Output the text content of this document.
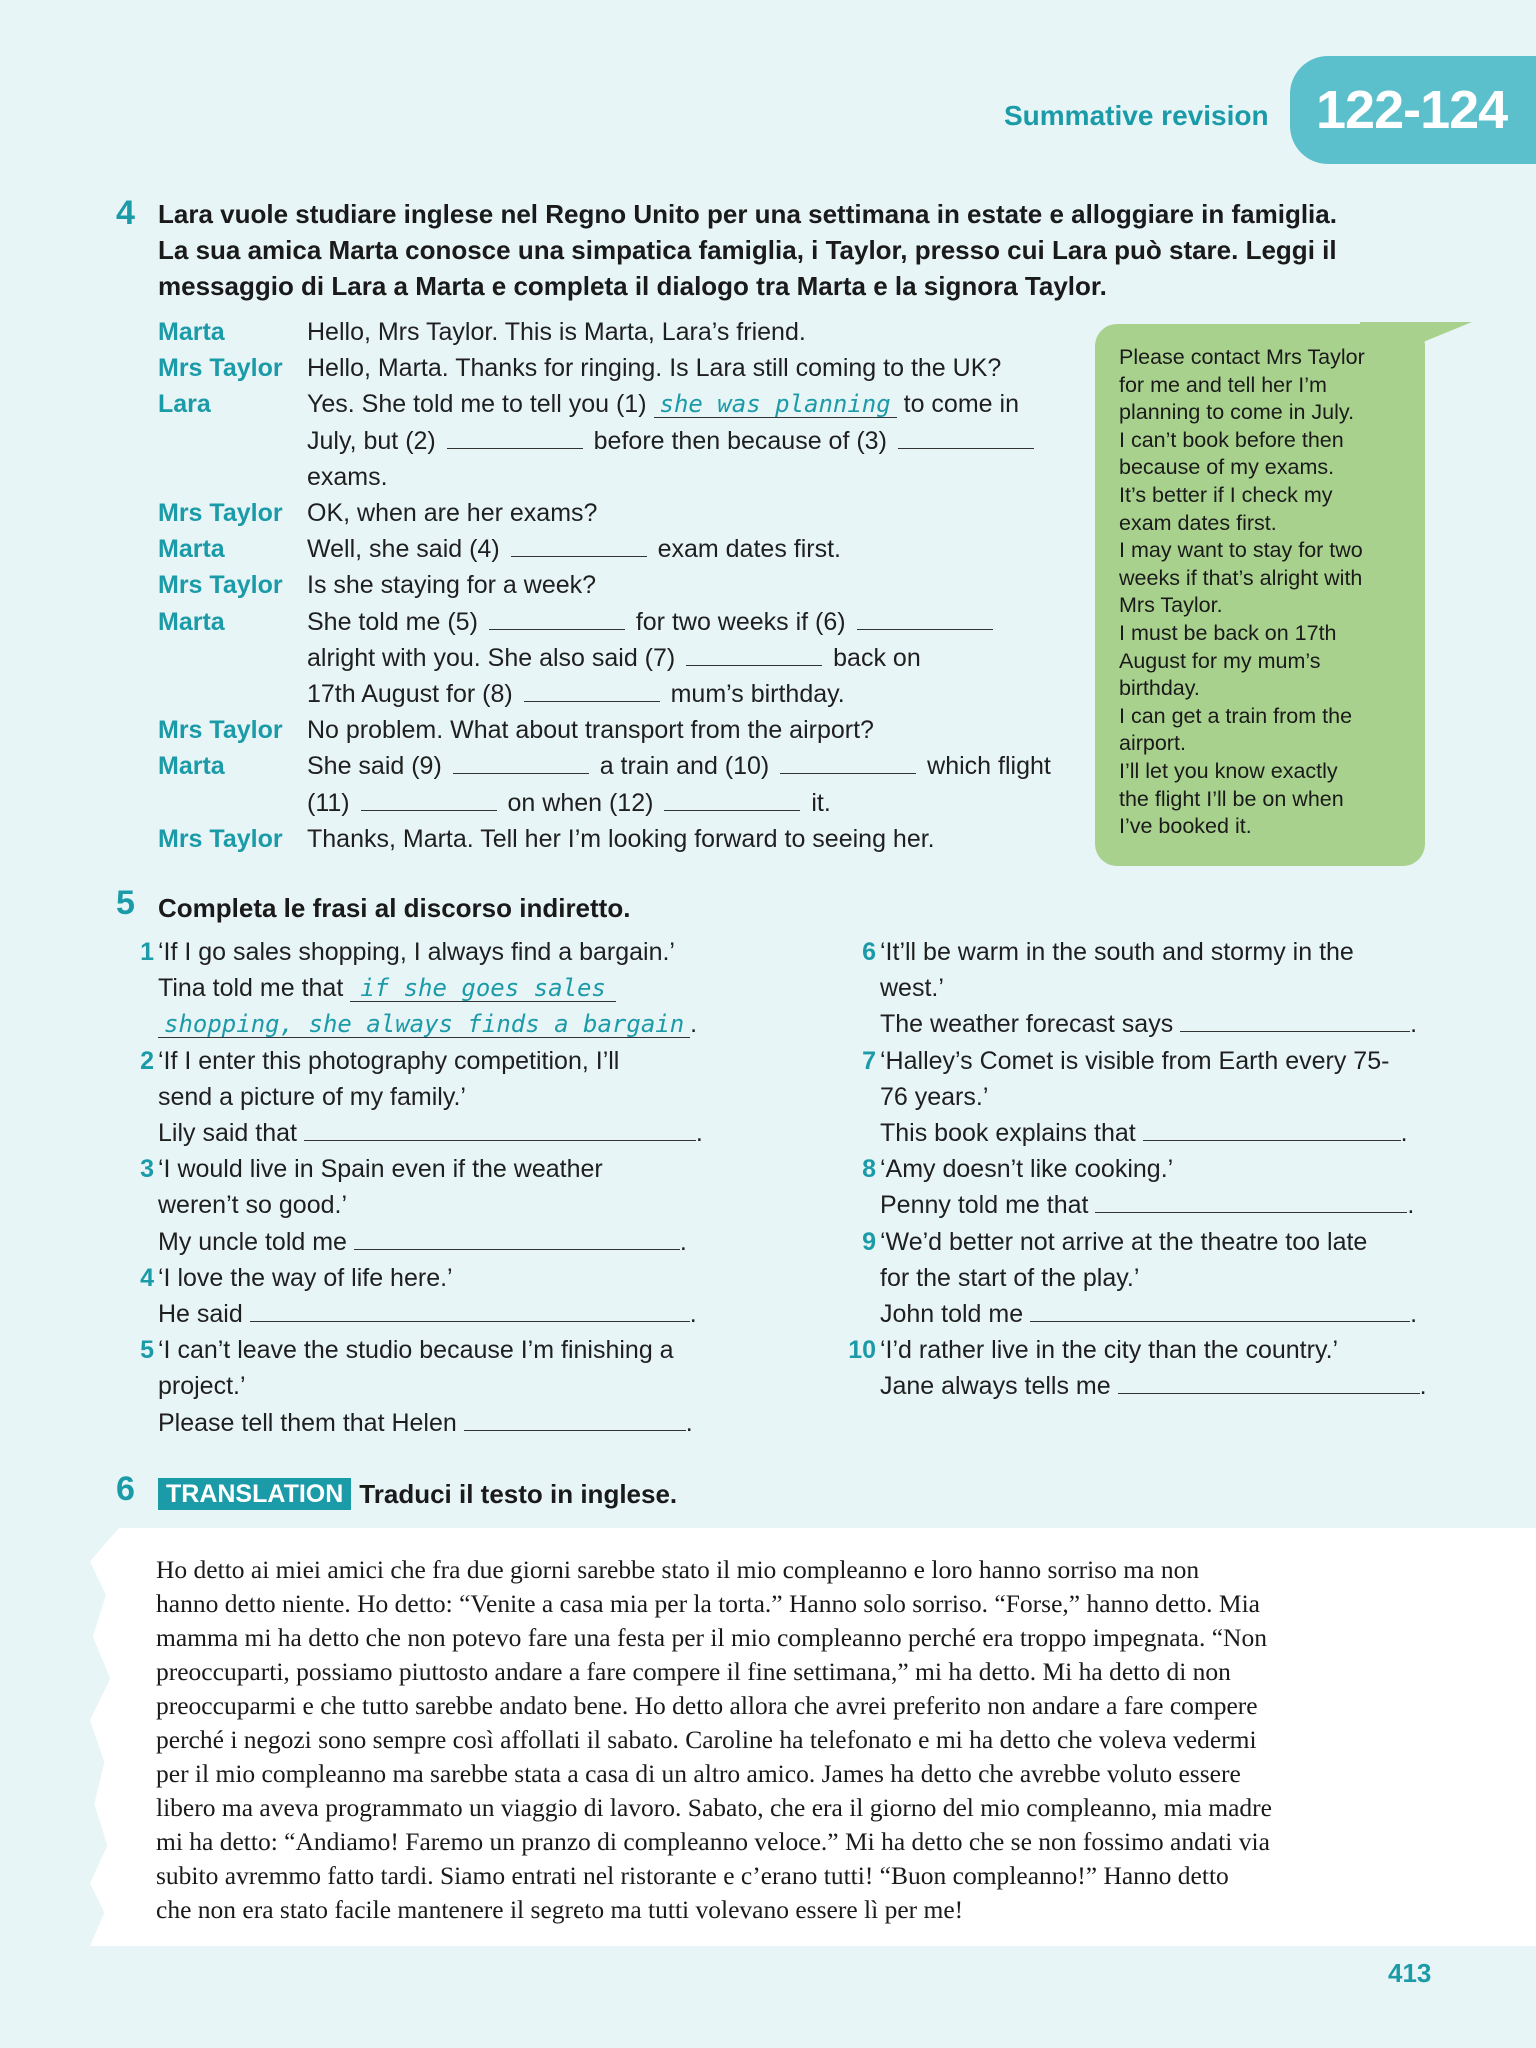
Summative revision 122-124
4 Lara vuole studiare inglese nel Regno Unito per una settimana in estate e alloggiare in famiglia.
La sua amica Marta conosce una simpatica famiglia, i Taylor, presso cui Lara può stare. Leggi il
messaggio di Lara a Marta e completa il dialogo tra Marta e la signora Taylor.
Marta	Hello, Mrs Taylor. This is Marta, Lara’s friend.
Mrs Taylor Hello, Marta. Thanks for ringing. Is Lara still coming to the UK?
Lara	Yes. She told me to tell you (1) she was planning to come in
July, but (2)	before then because of (3)
exams.
Mrs Taylor OK, when are her exams?
Marta	Well, she said (4)	exam dates first.
Mrs Taylor Is she staying for a week?
Marta	She told me (5)	for two weeks if (6)
alright with you. She also said (7)	back on
17th August for (8)	mum’s birthday.
Mrs Taylor No problem. What about transport from the airport?
Marta	She said (9)	a train and (10)	which flight
(11)	on when (12)	it.
Mrs Taylor Thanks, Marta. Tell her I’m looking forward to seeing her.
Please contact Mrs Taylor
for me and tell her I’m
planning to come in July.
I can’t book before then
because of my exams.
It’s better if I check my
exam dates first.
I may want to stay for two
weeks if that’s alright with
Mrs Taylor.
I must be back on 17th
August for my mum’s
birthday.
I can get a train from the
airport.
I’ll let you know exactly
the flight I’ll be on when
I’ve booked it.
5 Completa le frasi al discorso indiretto.
1 ‘If I go sales shopping, I always find a bargain.’
Tina told me that if she goes sales
shopping, she always finds a bargain .
2 ‘If I enter this photography competition, I’ll
send a picture of my family.’
Lily said that	.
3 ‘I would live in Spain even if the weather
weren’t so good.’
My uncle told me	.
4 ‘I love the way of life here.’
He said	.
5 ‘I can’t leave the studio because I’m finishing a
project.’
Please tell them that Helen	.
6 ‘It’ll be warm in the south and stormy in the
west.’
The weather forecast says	.
7 ‘Halley’s Comet is visible from Earth every 75-
76 years.’
This book explains that	.
8 ‘Amy doesn’t like cooking.’
Penny told me that	.
9 ‘We’d better not arrive at the theatre too late
for the start of the play.’
John told me	.
10 ‘I’d rather live in the city than the country.’
Jane always tells me	.
6	TRANSLATION Traduci il testo in inglese.
Ho detto ai miei amici che fra due giorni sarebbe stato il mio compleanno e loro hanno sorriso ma non
hanno detto niente. Ho detto: “Venite a casa mia per la torta.” Hanno solo sorriso. “Forse,” hanno detto. Mia
mamma mi ha detto che non potevo fare una festa per il mio compleanno perché era troppo impegnata. “Non
preoccuparti, possiamo piuttosto andare a fare compere il fine settimana,” mi ha detto. Mi ha detto di non
preoccuparmi e che tutto sarebbe andato bene. Ho detto allora che avrei preferito non andare a fare compere
perché i negozi sono sempre così affollati il sabato. Caroline ha telefonato e mi ha detto che voleva vedermi
per il mio compleanno ma sarebbe stata a casa di un altro amico. James ha detto che avrebbe voluto essere
libero ma aveva programmato un viaggio di lavoro. Sabato, che era il giorno del mio compleanno, mia madre
mi ha detto: “Andiamo! Faremo un pranzo di compleanno veloce.” Mi ha detto che se non fossimo andati via
subito avremmo fatto tardi. Siamo entrati nel ristorante e c’erano tutti! “Buon compleanno!” Hanno detto
che non era stato facile mantenere il segreto ma tutti volevano essere lì per me!
413
